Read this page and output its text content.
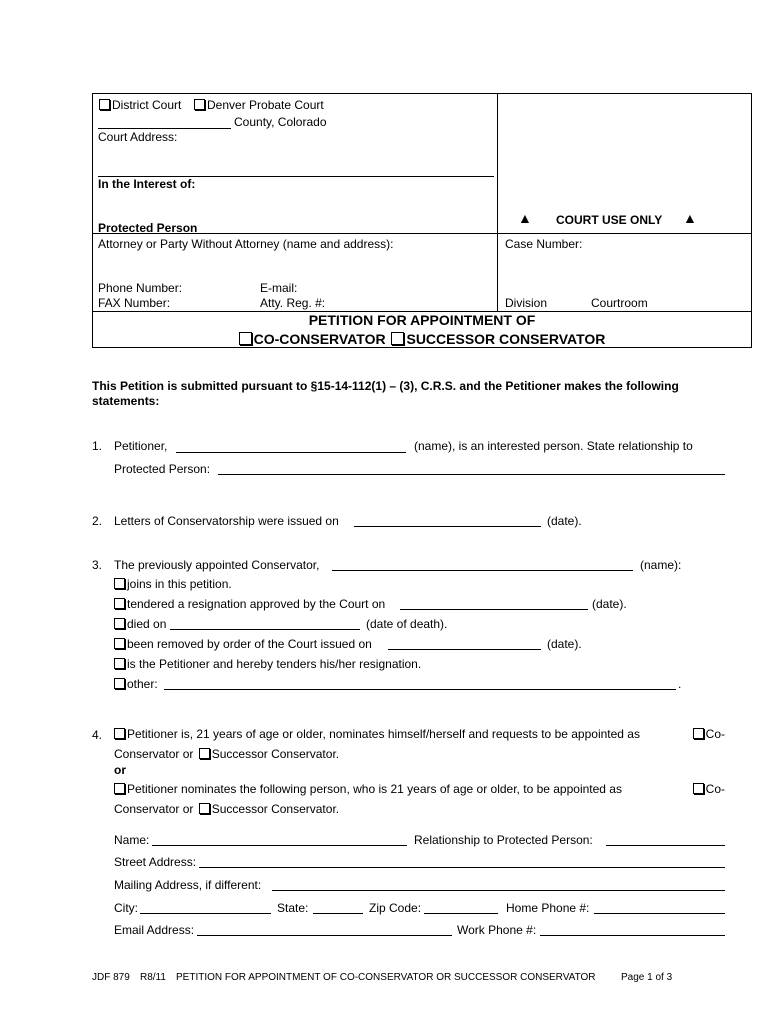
District Court	Denver Probate Court
County, Colorado
Court Address:
In the Interest of:
Protected Person
Attorney or Party Without Attorney (name and address):
Phone Number:
FAX Number:
E-mail:
Atty. Reg. #:
▲ COURT USE ONLY ▲
Case Number:
Division	Courtroom
PETITION FOR APPOINTMENT OF
CO-CONSERVATOR SUCCESSOR CONSERVATOR
This Petition is submitted pursuant to §15-14-112(1) – (3), C.R.S. and the Petitioner makes the following statements:
1. Petitioner,	(name), is an interested person. State relationship to
Protected Person:
2. Letters of Conservatorship were issued on	(date).
3. The previously appointed Conservator,	(name):
joins in this petition.
tendered a resignation approved by the Court on	(date).
died on	(date of death).
been removed by order of the Court issued on	(date).
is the Petitioner and hereby tenders his/her resignation.
other:	.
4.	Petitioner is, 21 years of age or older, nominates himself/herself and requests to be appointed as	Co-
Conservator or Successor Conservator.
or
Petitioner nominates the following person, who is 21 years of age or older, to be appointed as	Co-
Conservator or Successor Conservator.
Name:	Relationship to Protected Person:
Street Address:
Mailing Address, if different:
City:	State:	Zip Code:	Home Phone #:
Email Address:	Work Phone #:
JDF 879 R8/11 PETITION FOR APPOINTMENT OF CO-CONSERVATOR OR SUCCESSOR CONSERVATOR	Page 1 of 3
